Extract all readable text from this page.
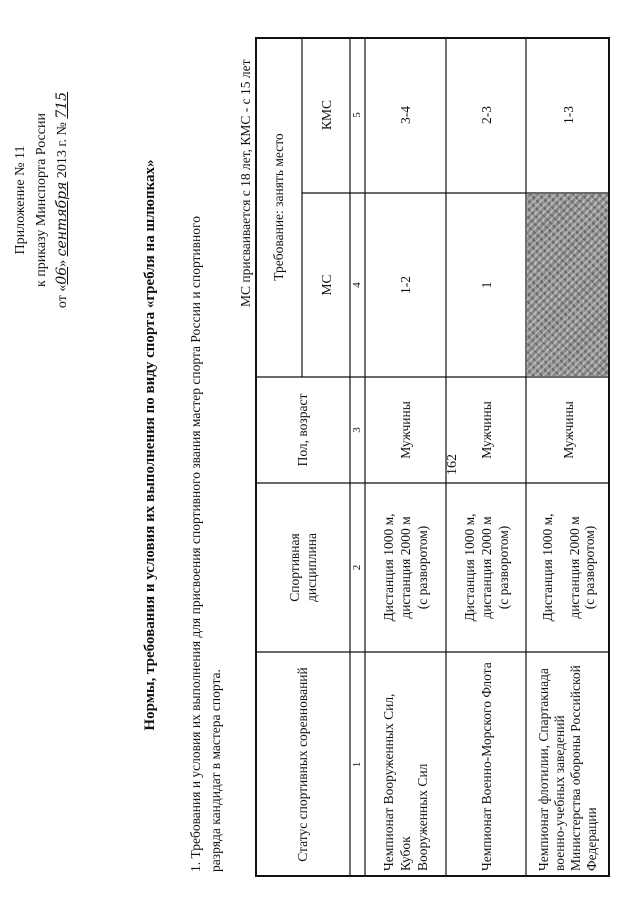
162
Приложение № 11 к приказу Минспорта России
от «06» сентября 2013 г. № 715
Нормы, требования и условия их выполнения по виду спорта «гребля на шлюпках» 1. Требования и условия их выполнения для присвоения спортивного звания мастер спорта России и спортивного разряда кандидат в мастера спорта.
МС присваивается с 18 лет, КМС - с 15 лет
Статус спортивных соревнований
Спортивная дисциплина
Пол, возраст
Требование: занять место
МС
КМС
1
2
3
4
5
Чемпионат Вооруженных Сил, Кубок Вооруженных Сил
Дистанция 1000 м, дистанция 2000 м (с разворотом)
Мужчины
1-2
3-4
Чемпионат Военно-Морского Флота
Дистанция 1000 м, дистанция 2000 м (с разворотом)
Мужчины
1
2-3
Чемпионат флотилии, Спартакиада военно-учебных заведений Министерства обороны Российской Федерации
Дистанция 1000 м, дистанция 2000 м (с разворотом)
Мужчины
1-3
